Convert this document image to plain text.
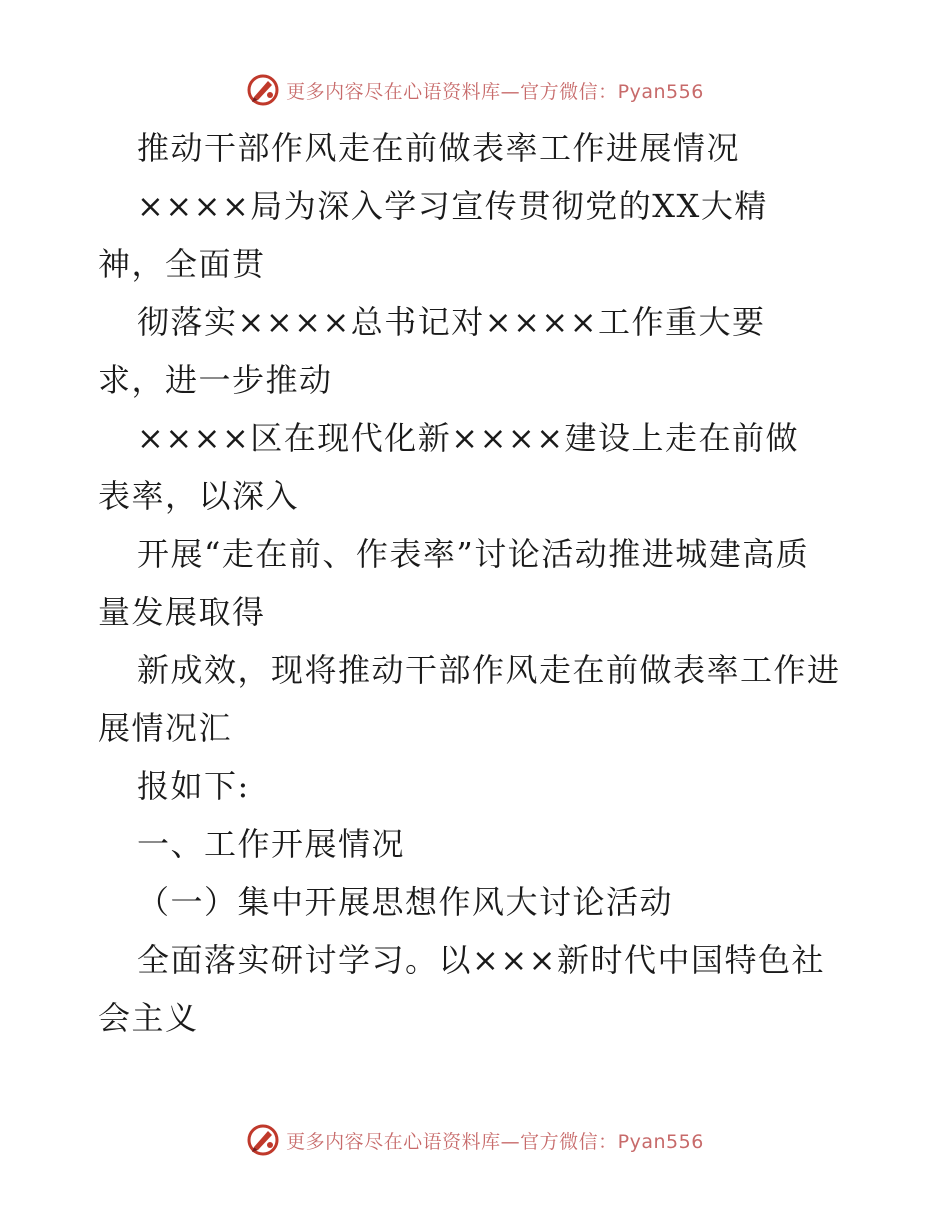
更多内容尽在心语资料库—官方微信：Pyan556
推动干部作风走在前做表率工作进展情况
××××局为深入学习宣传贯彻党的XX大精
神，全面贯
彻落实××××总书记对××××工作重大要
求，进一步推动
××××区在现代化新××××建设上走在前做
表率，以深入
开展“走在前、作表率”讨论活动推进城建高质
量发展取得
新成效，现将推动干部作风走在前做表率工作进
展情况汇
报如下:
一、工作开展情况
（一）集中开展思想作风大讨论活动
全面落实研讨学习。以×××新时代中国特色社
会主义
更多内容尽在心语资料库—官方微信：Pyan556
